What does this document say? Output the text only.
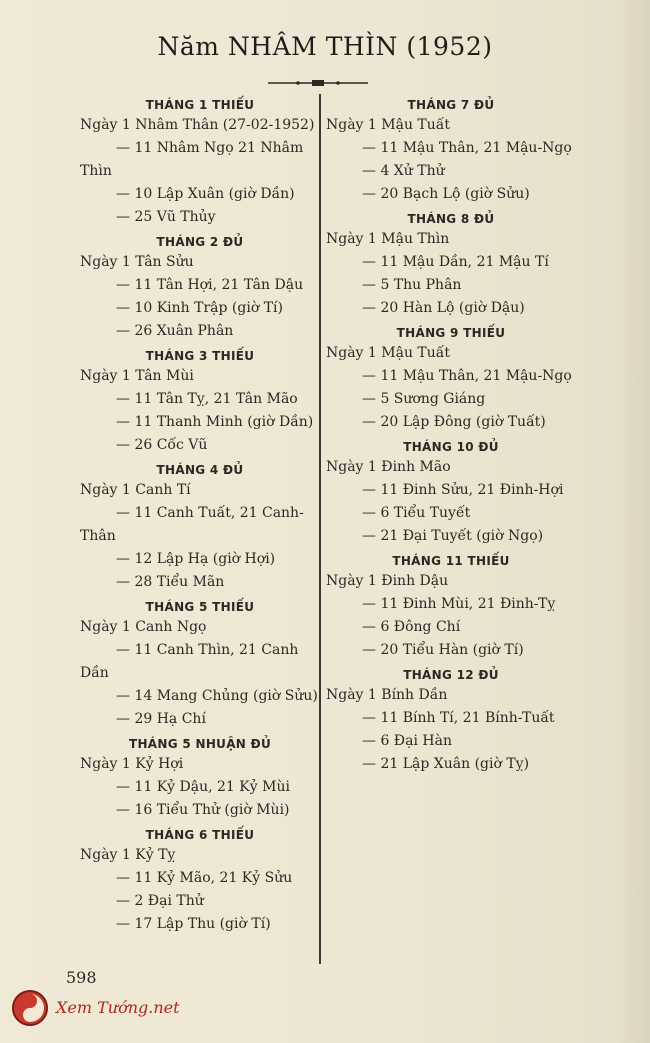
Năm NHÂM THÌN (1952)
THÁNG 1 THIẾU
Ngày 1 Nhâm Thân (27-02-1952)
— 11 Nhâm Ngọ 21 Nhâm Thìn
— 10 Lập Xuân (giờ Dần)
— 25 Vũ Thủy
THÁNG 2 ĐỦ
Ngày 1 Tân Sửu
— 11 Tân Hợi, 21 Tân Dậu
— 10 Kinh Trập (giờ Tí)
— 26 Xuân Phân
THÁNG 3 THIẾU
Ngày 1 Tân Mùi
— 11 Tân Tỵ, 21 Tân Mão
— 11 Thanh Minh (giờ Dần)
— 26 Cốc Vũ
THÁNG 4 ĐỦ
Ngày 1 Canh Tí
— 11 Canh Tuất, 21 Canh-Thân
— 12 Lập Hạ (giờ Hợi)
— 28 Tiểu Mãn
THÁNG 5 THIẾU
Ngày 1 Canh Ngọ
— 11 Canh Thìn, 21 Canh Dần
— 14 Mang Chủng (giờ Sửu)
— 29 Hạ Chí
THÁNG 5 NHUẬN ĐỦ
Ngày 1 Kỷ Hợi
— 11 Kỷ Dậu, 21 Kỷ Mùi
— 16 Tiểu Thử (giờ Mùi)
THÁNG 6 THIẾU
Ngày 1 Kỷ Tỵ
— 11 Kỷ Mão, 21 Kỷ Sửu
— 2 Đại Thử
— 17 Lập Thu (giờ Tí)
THÁNG 7 ĐỦ
Ngày 1 Mậu Tuất
— 11 Mậu Thân, 21 Mậu-Ngọ
— 4 Xử Thử
— 20 Bạch Lộ (giờ Sửu)
THÁNG 8 ĐỦ
Ngày 1 Mậu Thìn
— 11 Mậu Dần, 21 Mậu Tí
— 5 Thu Phân
— 20 Hàn Lộ (giờ Dậu)
THÁNG 9 THIẾU
Ngày 1 Mậu Tuất
— 11 Mậu Thân, 21 Mậu-Ngọ
— 5 Sương Giáng
— 20 Lập Đông (giờ Tuất)
THÁNG 10 ĐỦ
Ngày 1 Đinh Mão
— 11 Đinh Sửu, 21 Đinh-Hợi
— 6 Tiểu Tuyết
— 21 Đại Tuyết (giờ Ngọ)
THÁNG 11 THIẾU
Ngày 1 Đinh Dậu
— 11 Đinh Mùi, 21 Đinh-Tỵ
— 6 Đông Chí
— 20 Tiểu Hàn (giờ Tí)
THÁNG 12 ĐỦ
Ngày 1 Bính Dần
— 11 Bính Tí, 21 Bính-Tuất
— 6 Đại Hàn
— 21 Lập Xuân (giờ Tỵ)
598
Xem Tướng.net
